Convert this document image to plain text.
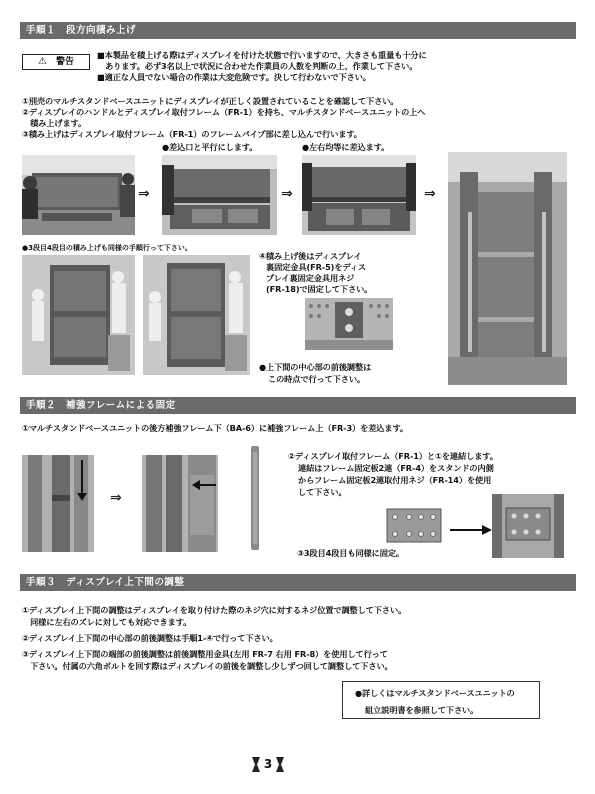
手順１　段方向積み上げ
⚠ 警告
■本製品を積上げる際はディスプレイを付けた状態で行いますので、大きさも重量も十分に
　あります。必ず3名以上で状況に合わせた作業員の人数を判断の上、作業して下さい。
■適正な人員でない場合の作業は大変危険です。決して行わないで下さい。
①別売のマルチスタンドベースユニットにディスプレイが正しく設置されていることを確認して下さい。
②ディスプレイのハンドルとディスプレイ取付フレーム（FR-1）を持ち、マルチスタンドベースユニットの上へ
　積み上げます。
③積み上げはディスプレイ取付フレーム（FR-1）のフレームパイプ部に差し込んで行います。
●差込口と平行にします。	●左右均等に差込ます。
⇒	⇒	⇒
●3段目4段目の積み上げも同様の手順行って下さい。
④積み上げ後はディスプレイ
裏固定金具(FR-5)をディス
プレイ裏固定金具用ネジ
(FR-18)で固定して下さい。
●上下間の中心部の前後調整は
この時点で行って下さい。
手順２　補強フレームによる固定
①マルチスタンドベースユニットの後方補強フレーム下（BA-6）に補強フレーム上（FR-3）を差込ます。
⇒
②ディスプレイ取付フレーム（FR-1）と①を連結します。
連結はフレーム固定板2連（FR-4）をスタンドの内側
からフレーム固定板2連取付用ネジ（FR-14）を使用
して下さい。
③3段目4段目も同様に固定。
手順３　ディスプレイ上下間の調整
①ディスプレイ上下間の調整はディスプレイを取り付けた際のネジ穴に対するネジ位置で調整して下さい。
　同様に左右のズレに対しても対応できます。
②ディスプレイ上下間の中心部の前後調整は手順1-④で行って下さい。
③ディスプレイ上下間の端部の前後調整は前後調整用金具(左用 FR-7 右用 FR-8）を使用して行って
　下さい。付属の六角ボルトを回す際はディスプレイの前後を調整し少しずつ回して調整して下さい。
●詳しくはマルチスタンドベースユニットの
組立説明書を参照して下さい。
3
